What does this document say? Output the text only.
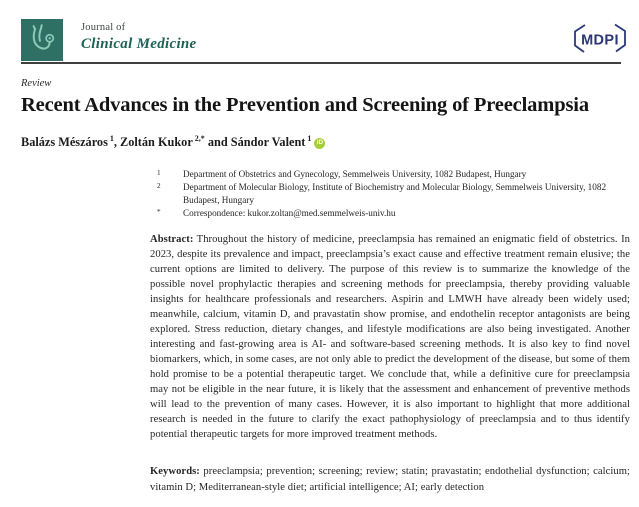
Journal of
Clinical Medicine	MDPI
Review
Recent Advances in the Prevention and Screening of Preeclampsia
Balázs Mészáros $^1$, Zoltán Kukor $^{2,*}$ and Sándor Valent $^1$iD
1 Department of Obstetrics and Gynecology, Semmelweis University, 1082 Budapest, Hungary
2 Department of Molecular Biology, Institute of Biochemistry and Molecular Biology, Semmelweis University, 1082 Budapest, Hungary
* Correspondence: kukor.zoltan@med.semmelweis-univ.hu

Abstract: Throughout the history of medicine, preeclampsia has remained an enigmatic field of obstetrics. In 2023, despite its prevalence and impact, preeclampsia’s exact cause and effective treatment remain elusive; the current options are limited to delivery. The purpose of this review is to summarize the knowledge of the possible novel prophylactic therapies and screening methods for preeclampsia, thereby providing valuable insights for healthcare professionals and researchers. Aspirin and LMWH have already been widely used; meanwhile, calcium, vitamin D, and pravastatin show promise, and endothelin receptor antagonists are being explored. Stress reduction, dietary changes, and lifestyle modifications are also being investigated. Another interesting and fast-growing area is AI- and software-based screening methods. It is also key to find novel biomarkers, which, in some cases, are not only able to predict the development of the disease, but some of them hold promise to be a potential therapeutic target. We conclude that, while a definitive cure for preeclampsia may not be eligible in the near future, it is likely that the assessment and enhancement of preventive methods will lead to the prevention of many cases. However, it is also important to highlight that more additional research is needed in the future to clarify the exact pathophysiology of preeclampsia and to thus identify potential therapeutic targets for more improved treatment methods.

Keywords: preeclampsia; prevention; screening; review; statin; pravastatin; endothelial dysfunction; calcium; vitamin D; Mediterranean-style diet; artificial intelligence; AI; early detection
